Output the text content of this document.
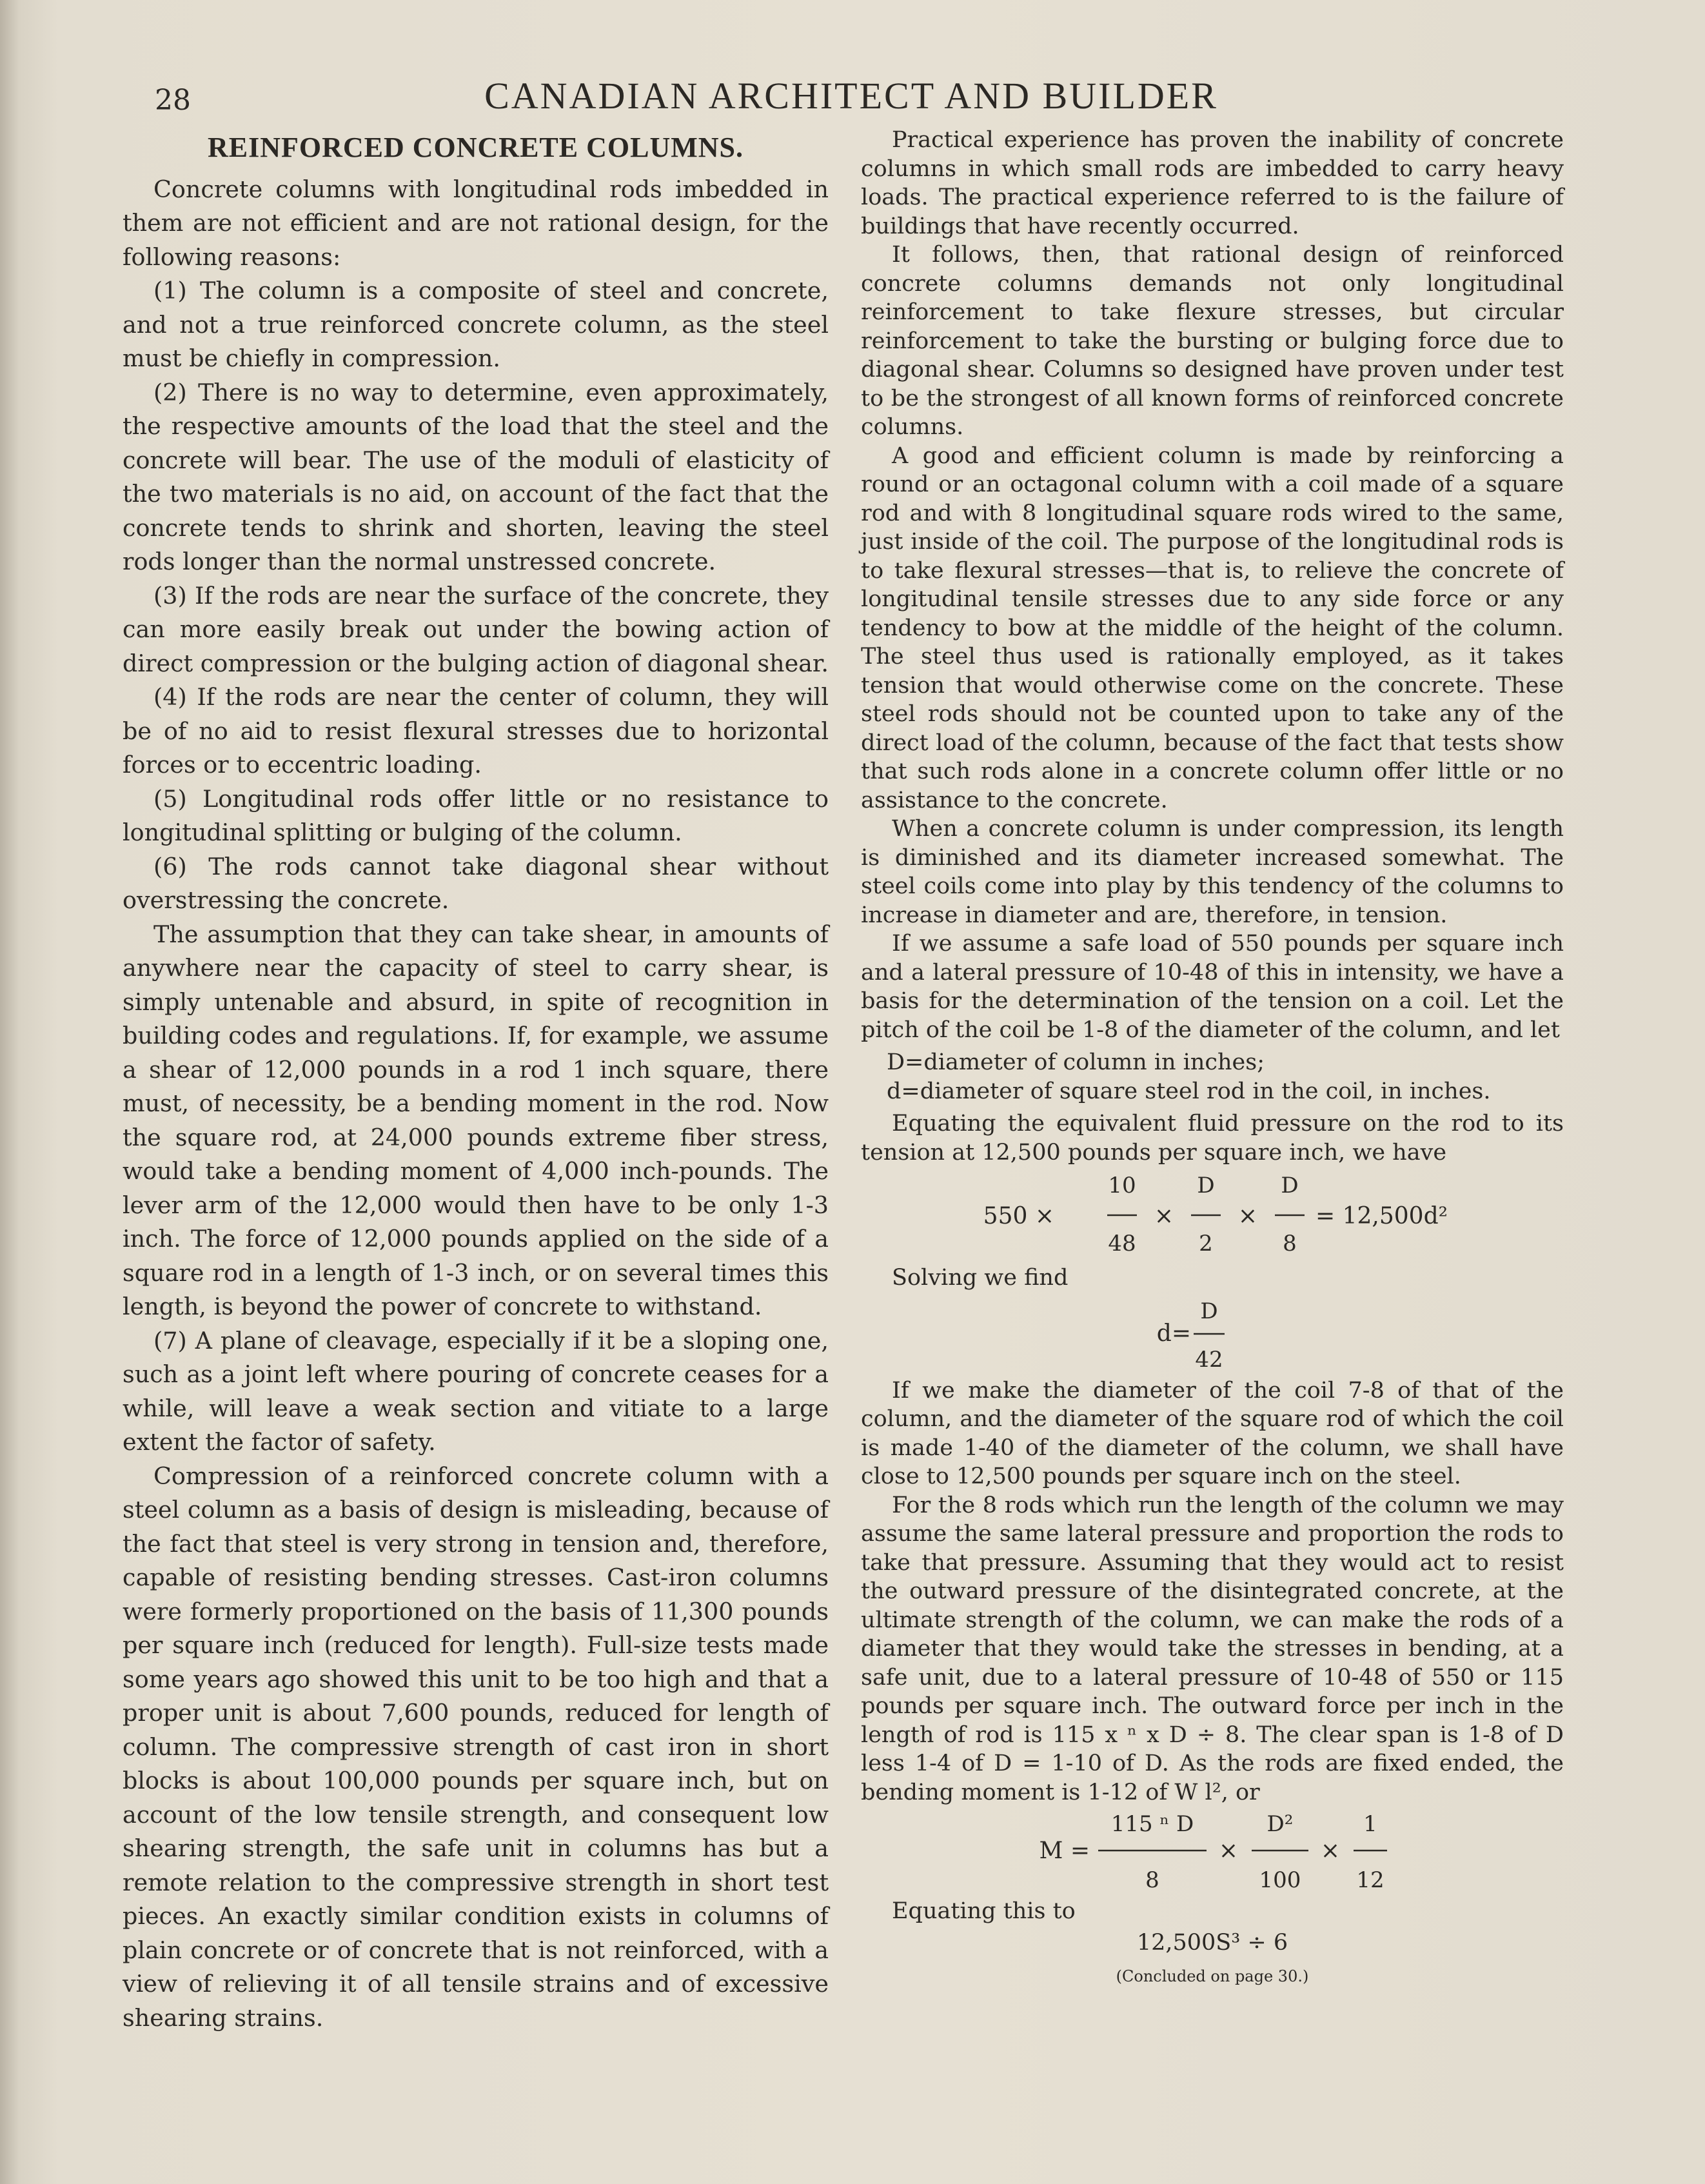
28	CANADIAN ARCHITECT AND BUILDER
REINFORCED CONCRETE COLUMNS.

Concrete columns with longitudinal rods imbedded in them are not efficient and are not rational design, for the following reasons:

(1) The column is a composite of steel and concrete, and not a true reinforced concrete column, as the steel must be chiefly in compression.

(2) There is no way to determine, even approximately, the respective amounts of the load that the steel and the concrete will bear. The use of the moduli of elasticity of the two materials is no aid, on account of the fact that the concrete tends to shrink and shorten, leaving the steel rods longer than the normal unstressed concrete.

(3) If the rods are near the surface of the concrete, they can more easily break out under the bowing action of direct compression or the bulging action of diagonal shear.

(4) If the rods are near the center of column, they will be of no aid to resist flexural stresses due to horizontal forces or to eccentric loading.

(5) Longitudinal rods offer little or no resistance to longitudinal splitting or bulging of the column.

(6) The rods cannot take diagonal shear without overstressing the concrete.

The assumption that they can take shear, in amounts of anywhere near the capacity of steel to carry shear, is simply untenable and absurd, in spite of recognition in building codes and regulations. If, for example, we assume a shear of 12,000 pounds in a rod 1 inch square, there must, of necessity, be a bending moment in the rod. Now the square rod, at 24,000 pounds extreme fiber stress, would take a bending moment of 4,000 inch-pounds. The lever arm of the 12,000 would then have to be only 1-3 inch. The force of 12,000 pounds applied on the side of a square rod in a length of 1-3 inch, or on several times this length, is beyond the power of concrete to withstand.

(7) A plane of cleavage, especially if it be a sloping one, such as a joint left where pouring of concrete ceases for a while, will leave a weak section and vitiate to a large extent the factor of safety.

Compression of a reinforced concrete column with a steel column as a basis of design is misleading, because of the fact that steel is very strong in tension and, therefore, capable of resisting bending stresses. Cast-iron columns were formerly proportioned on the basis of 11,300 pounds per square inch (reduced for length). Full-size tests made some years ago showed this unit to be too high and that a proper unit is about 7,600 pounds, reduced for length of column. The compressive strength of cast iron in short blocks is about 100,000 pounds per square inch, but on account of the low tensile strength, and consequent low shearing strength, the safe unit in columns has but a remote relation to the compressive strength in short test pieces. An exactly similar condition exists in columns of plain concrete or of concrete that is not reinforced, with a view of relieving it of all tensile strains and of excessive shearing strains.

Practical experience has proven the inability of concrete columns in which small rods are imbedded to carry heavy loads. The practical experience referred to is the failure of buildings that have recently occurred.

It follows, then, that rational design of reinforced concrete columns demands not only longitudinal reinforcement to take flexure stresses, but circular reinforcement to take the bursting or bulging force due to diagonal shear. Columns so designed have proven under test to be the strongest of all known forms of reinforced concrete columns.

A good and efficient column is made by reinforcing a round or an octagonal column with a coil made of a square rod and with 8 longitudinal square rods wired to the same, just inside of the coil. The purpose of the longitudinal rods is to take flexural stresses—that is, to relieve the concrete of longitudinal tensile stresses due to any side force or any tendency to bow at the middle of the height of the column. The steel thus used is rationally employed, as it takes tension that would otherwise come on the concrete. These steel rods should not be counted upon to take any of the direct load of the column, because of the fact that tests show that such rods alone in a concrete column offer little or no assistance to the concrete.

When a concrete column is under compression, its length is diminished and its diameter increased somewhat. The steel coils come into play by this tendency of the columns to increase in diameter and are, therefore, in tension.

If we assume a safe load of 550 pounds per square inch and a lateral pressure of 10-48 of this in intensity, we have a basis for the determination of the tension on a coil. Let the pitch of the coil be 1-8 of the diameter of the column, and let

D=diameter of column in inches;
d=diameter of square steel rod in the coil, in inches.

Equating the equivalent fluid pressure on the rod to its tension at 12,500 pounds per square inch, we have

550 ×
10
48
×
D
2
×
D
8
= 12,500d²

Solving we find

d=
D
42

If we make the diameter of the coil 7-8 of that of the column, and the diameter of the square rod of which the coil is made 1-40 of the diameter of the column, we shall have close to 12,500 pounds per square inch on the steel.

For the 8 rods which run the length of the column we may assume the same lateral pressure and proportion the rods to take that pressure. Assuming that they would act to resist the outward pressure of the disintegrated concrete, at the ultimate strength of the column, we can make the rods of a diameter that they would take the stresses in bending, at a safe unit, due to a lateral pressure of 10-48 of 550 or 115 pounds per square inch. The outward force per inch in the length of rod is 115 x ⁿ x D ÷ 8. The clear span is 1-8 of D less 1-4 of D = 1-10 of D. As the rods are fixed ended, the bending moment is 1-12 of W l², or

M =
115 ⁿ D
8
×
D²
100
×
1
12

Equating this to

12,500S³ ÷ 6
(Concluded on page 30.)
